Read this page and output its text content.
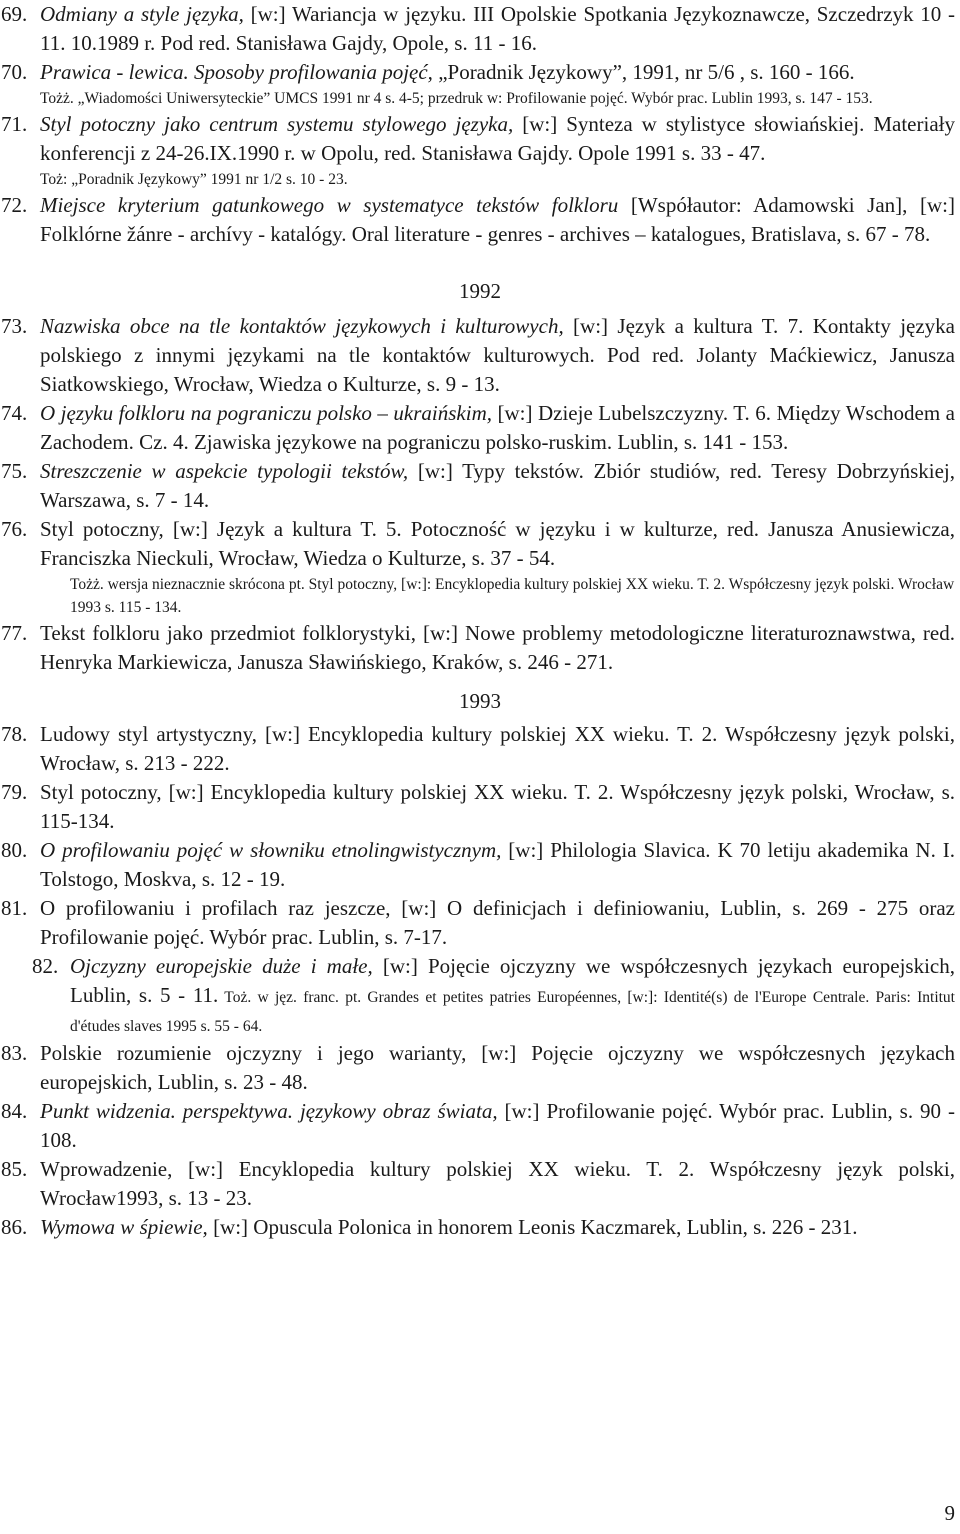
69. Odmiany a style języka, [w:] Wariancja w języku. III Opolskie Spotkania Językoznawcze, Szczedrzyk 10 - 11. 10.1989 r. Pod red. Stanisława Gajdy, Opole, s. 11 - 16.
70. Prawica - lewica. Sposoby profilowania pojęć, „Poradnik Językowy”, 1991, nr 5/6 , s. 160 - 166.
Tożż. „Wiadomości Uniwersyteckie” UMCS 1991 nr 4 s. 4-5; przedruk w: Profilowanie pojęć. Wybór prac. Lublin 1993, s. 147 - 153.
71. Styl potoczny jako centrum systemu stylowego języka, [w:] Synteza w stylistyce słowiańskiej. Materiały konferencji z 24-26.IX.1990 r. w Opolu, red. Stanisława Gajdy. Opole 1991 s. 33 - 47.
Toż: „Poradnik Językowy” 1991 nr 1/2 s. 10 - 23.
72. Miejsce kryterium gatunkowego w systematyce tekstów folkloru [Współautor: Adamowski Jan], [w:] Folklórne žánre - archívy - katalógy. Oral literature - genres - archives – katalogues, Bratislava, s. 67 - 78.
1992
73. Nazwiska obce na tle kontaktów językowych i kulturowych, [w:] Język a kultura T. 7. Kontakty języka polskiego z innymi językami na tle kontaktów kulturowych. Pod red. Jolanty Maćkiewicz, Janusza Siatkowskiego, Wrocław, Wiedza o Kulturze, s. 9 - 13.
74. O języku folkloru na pograniczu polsko – ukraińskim, [w:] Dzieje Lubelszczyzny. T. 6. Między Wschodem a Zachodem. Cz. 4. Zjawiska językowe na pograniczu polsko-ruskim. Lublin, s. 141 - 153.
75. Streszczenie w aspekcie typologii tekstów, [w:] Typy tekstów. Zbiór studiów, red. Teresy Dobrzyńskiej, Warszawa, s. 7 - 14.
76. Styl potoczny, [w:] Język a kultura T. 5. Potoczność w języku i w kulturze, red. Janusza Anusiewicza, Franciszka Nieckuli, Wrocław, Wiedza o Kulturze, s. 37 - 54.
Tożż. wersja nieznacznie skrócona pt. Styl potoczny, [w:]: Encyklopedia kultury polskiej XX wieku. T. 2. Współczesny język polski. Wrocław 1993 s. 115 - 134.
77. Tekst folkloru jako przedmiot folklorystyki, [w:] Nowe problemy metodologiczne literaturoznawstwa, red. Henryka Markiewicza, Janusza Sławińskiego, Kraków, s. 246 - 271.
1993
78. Ludowy styl artystyczny, [w:] Encyklopedia kultury polskiej XX wieku. T. 2. Współczesny język polski, Wrocław, s. 213 - 222.
79. Styl potoczny, [w:] Encyklopedia kultury polskiej XX wieku. T. 2. Współczesny język polski, Wrocław, s. 115-134.
80. O profilowaniu pojęć w słowniku etnolingwistycznym, [w:] Philologia Slavica. K 70 letiju akademika N. I. Tolstogo, Moskva, s. 12 - 19.
81. O profilowaniu i profilach raz jeszcze, [w:] O definicjach i definiowaniu, Lublin, s. 269 - 275 oraz Profilowanie pojęć. Wybór prac. Lublin, s. 7-17.
82. Ojczyzny europejskie duże i małe, [w:] Pojęcie ojczyzny we współczesnych językach europejskich, Lublin, s. 5 - 11. Toż. w jęz. franc. pt. Grandes et petites patries Européennes, [w:]: Identité(s) de l'Europe Centrale. Paris: Intitut d'études slaves 1995 s. 55 - 64.
83. Polskie rozumienie ojczyzny i jego warianty, [w:] Pojęcie ojczyzny we współczesnych językach europejskich, Lublin, s. 23 - 48.
84. Punkt widzenia. perspektywa. językowy obraz świata, [w:] Profilowanie pojęć. Wybór prac. Lublin, s. 90 - 108.
85. Wprowadzenie, [w:] Encyklopedia kultury polskiej XX wieku. T. 2. Współczesny język polski, Wrocław1993, s. 13 - 23.
86. Wymowa w śpiewie, [w:] Opuscula Polonica in honorem Leonis Kaczmarek, Lublin, s. 226 - 231.
9
